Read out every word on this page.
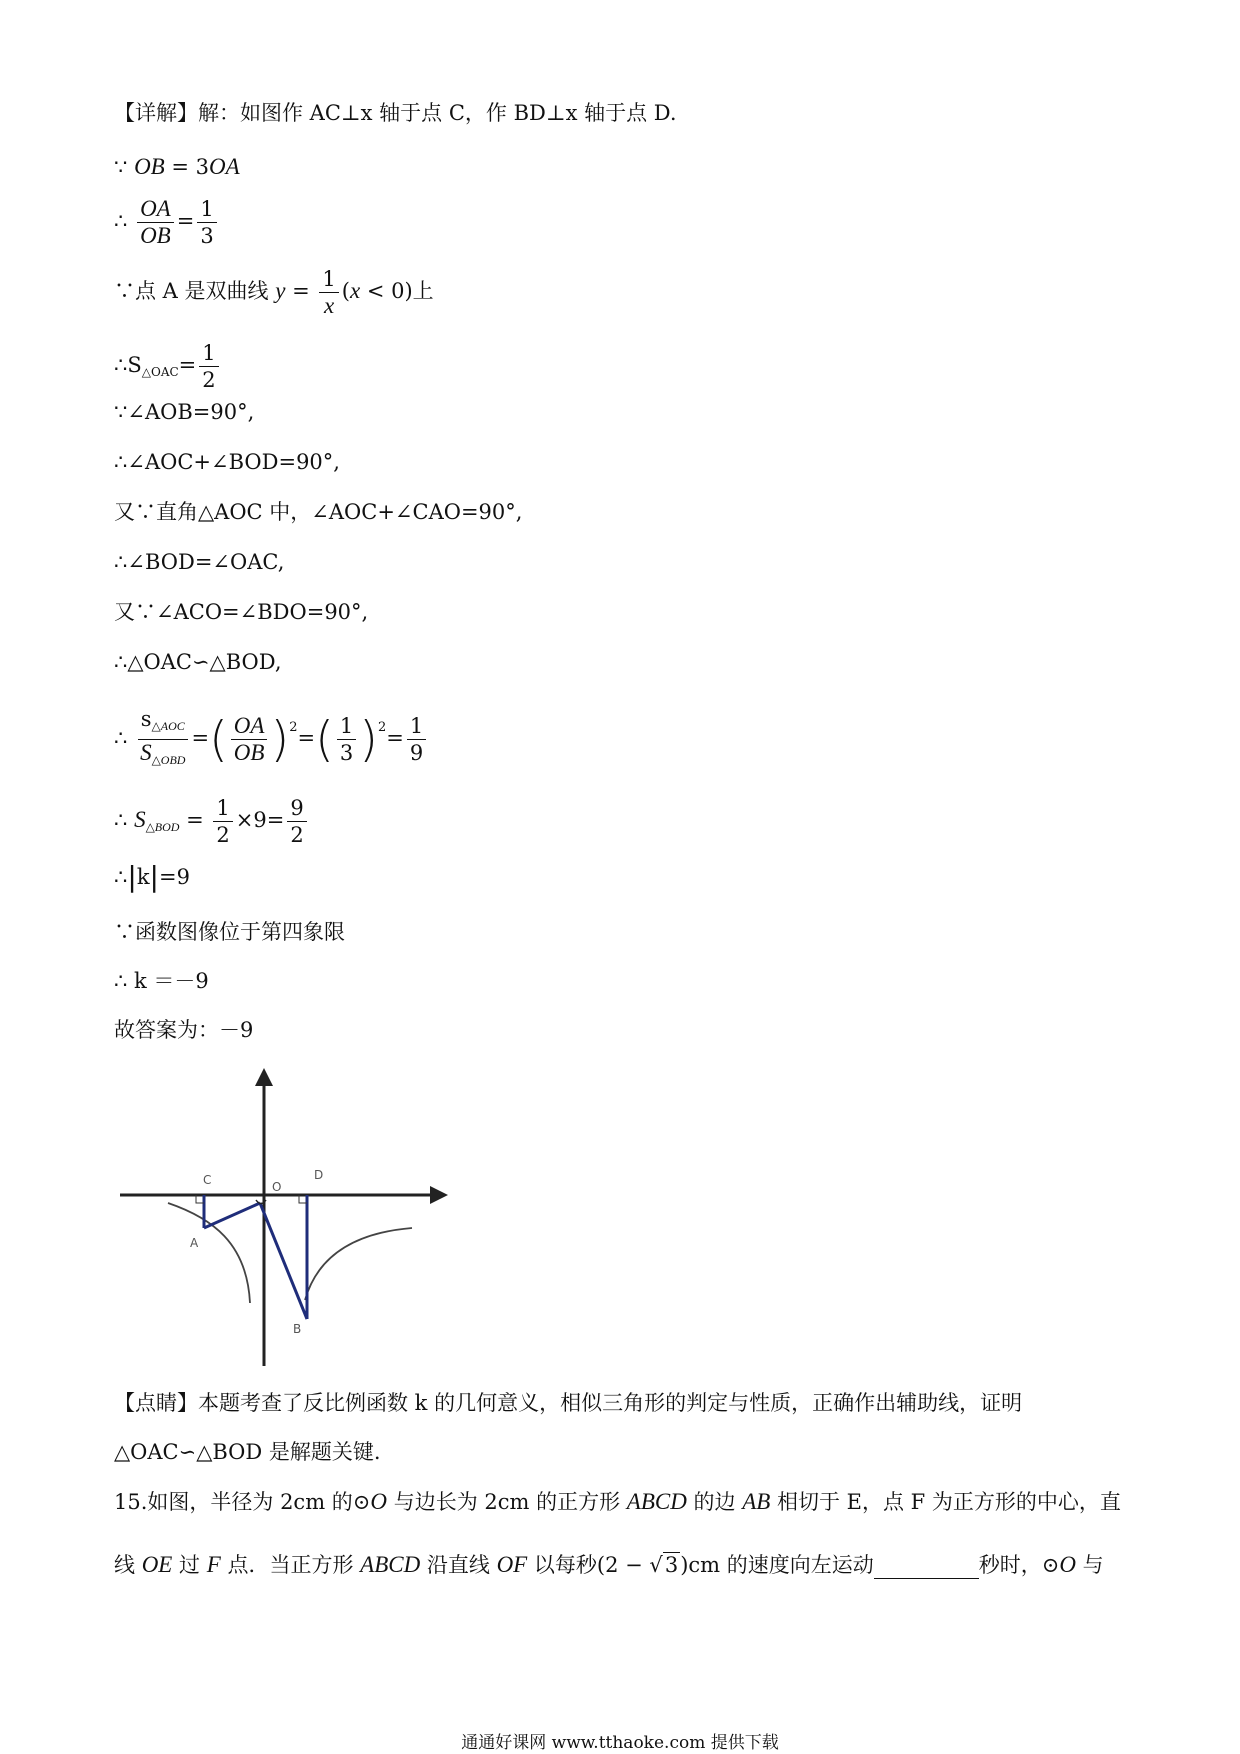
【详解】解：如图作 AC⊥x 轴于点 C，作 BD⊥x 轴于点 D.
∵ OB = 3OA
∴ $\frac{OA}{OB} = \frac{1}{3}$
∵点 A 是双曲线 $y = \frac{1}{x} (x < 0)$上
$\therefore S_{\triangle OAC}= \frac{1}{2}$
∵∠AOB=90°,
∴∠AOC+∠BOD=90°,
又∵直角△AOC 中，∠AOC+∠CAO=90°,
∴∠BOD=∠OAC,
又∵∠ACO=∠BDO=90°,
∴△OAC∽△BOD,
∴ $\frac{s_{\triangle AOC}}{S_{\triangle OBD}}$ =( $\frac{OA}{OB} )^2=( \frac{1}{3} )^2= \frac{1}{9}$
∴ $S_{\triangle BOD} = \frac{1}{2} \times 9= \frac{9}{2}$
∴|k|=9
∵函数图像位于第四象限
∴ k ＝－9
故答案为：－9
C	O
D
A
B
【点睛】本题考查了反比例函数 k 的几何意义，相似三角形的判定与性质，正确作出辅助线，证明
△OAC∽△BOD 是解题关键.
15.如图，半径为 2cm 的⊙O 与边长为 2cm 的正方形 ABCD 的边 AB 相切于 E，点 F 为正方形的中心，直
线 OE 过 F 点．当正方形 ABCD 沿直线 OF 以每秒(2 − √3)cm 的速度向左运动	秒时，⊙O 与
通通好课网 www.tthaoke.com 提供下载
